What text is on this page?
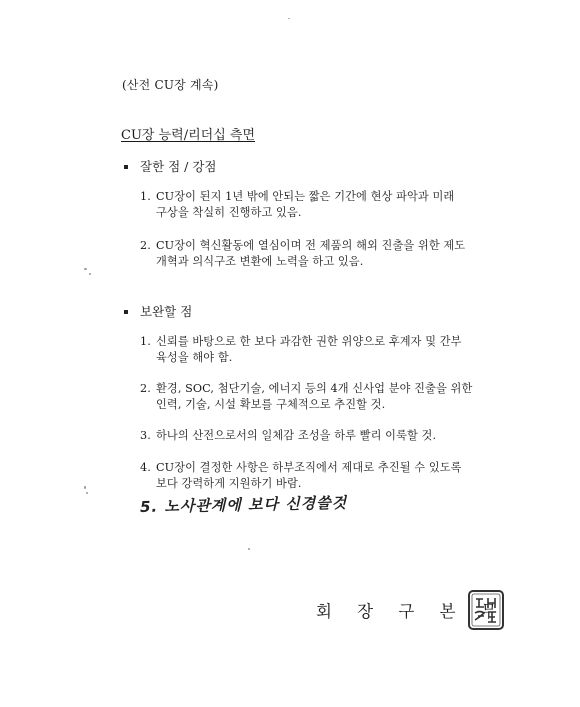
(산전 CU장 계속)
CU장 능력/리더십 측면
잘한 점 / 강점
1. CU장이 된지 1년 밖에 안되는 짧은 기간에 현상 파악과 미래
구상을 착실히 진행하고 있음.
2. CU장이 혁신활동에 열심이며 전 제품의 해외 진출을 위한 제도
개혁과 의식구조 변환에 노력을 하고 있음.
보완할 점
1. 신뢰를 바탕으로 한 보다 과감한 권한 위양으로 후계자 및 간부
육성을 해야 함.
2. 환경, SOC, 첨단기술, 에너지 등의 4개 신사업 분야 진출을 위한
인력, 기술, 시설 확보를 구체적으로 추진할 것.
3. 하나의 산전으로서의 일체감 조성을 하루 빨리 이룩할 것.
4. CU장이 결정한 사항은 하부조직에서 제대로 추진될 수 있도록
보다 강력하게 지원하기 바람.
5. 노사관계에 보다 신경쓸것
회 장 구 본 무
